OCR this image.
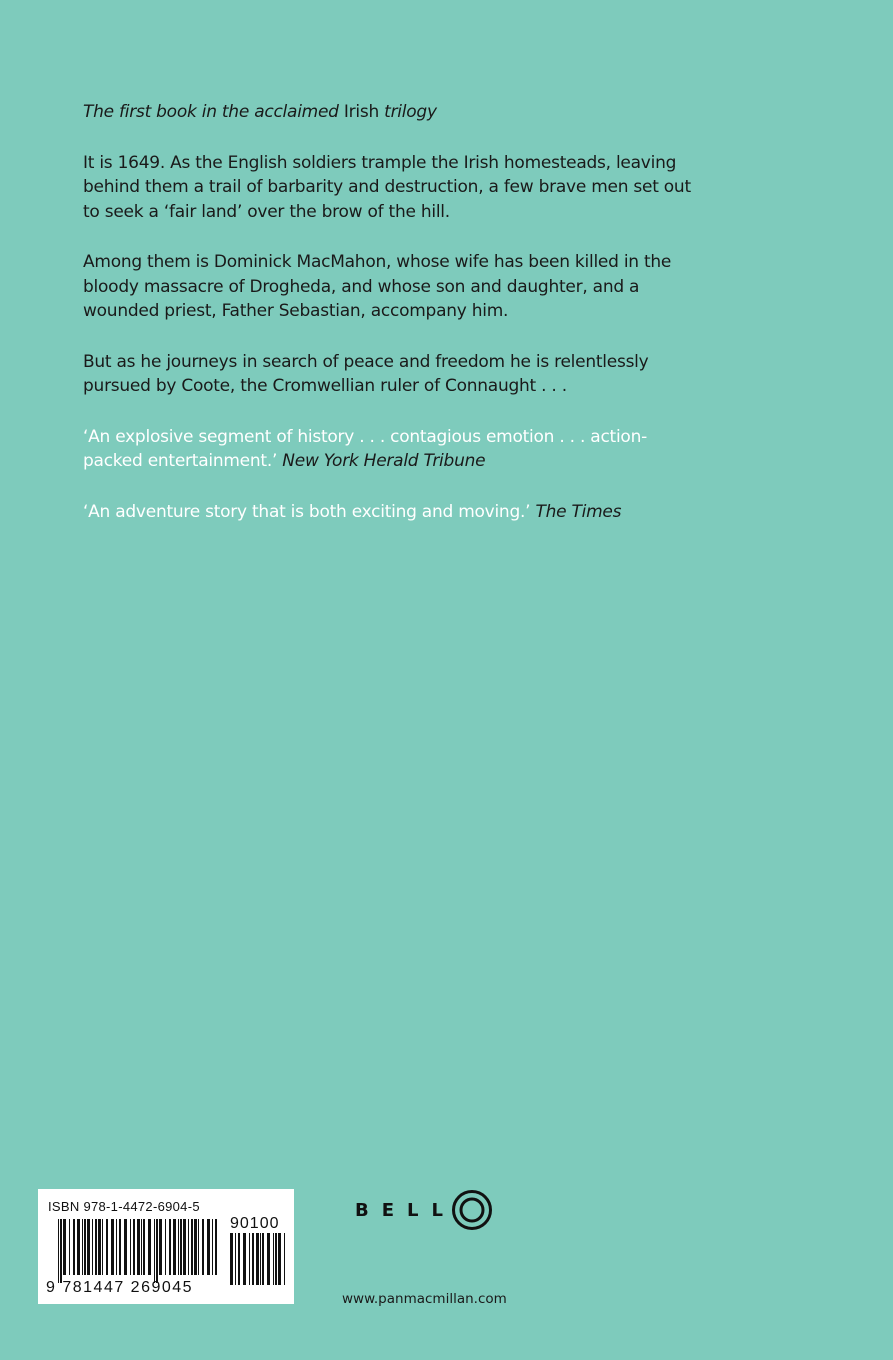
The first book in the acclaimed Irish trilogy

It is 1649. As the English soldiers trample the Irish homesteads, leaving behind them a trail of barbarity and destruction, a few brave men set out to seek a ‘fair land’ over the brow of the hill.

Among them is Dominick MacMahon, whose wife has been killed in the bloody massacre of Drogheda, and whose son and daughter, and a wounded priest, Father Sebastian, accompany him.

But as he journeys in search of peace and freedom he is relentlessly pursued by Coote, the Cromwellian ruler of Connaught . . .

‘An explosive segment of history . . . contagious emotion . . . action-packed entertainment.’ New York Herald Tribune

‘An adventure story that is both exciting and moving.’ The Times

ISBN 978-1-4472-6904-5
90100
9 781447 269045
BELL
www.panmacmillan.com
